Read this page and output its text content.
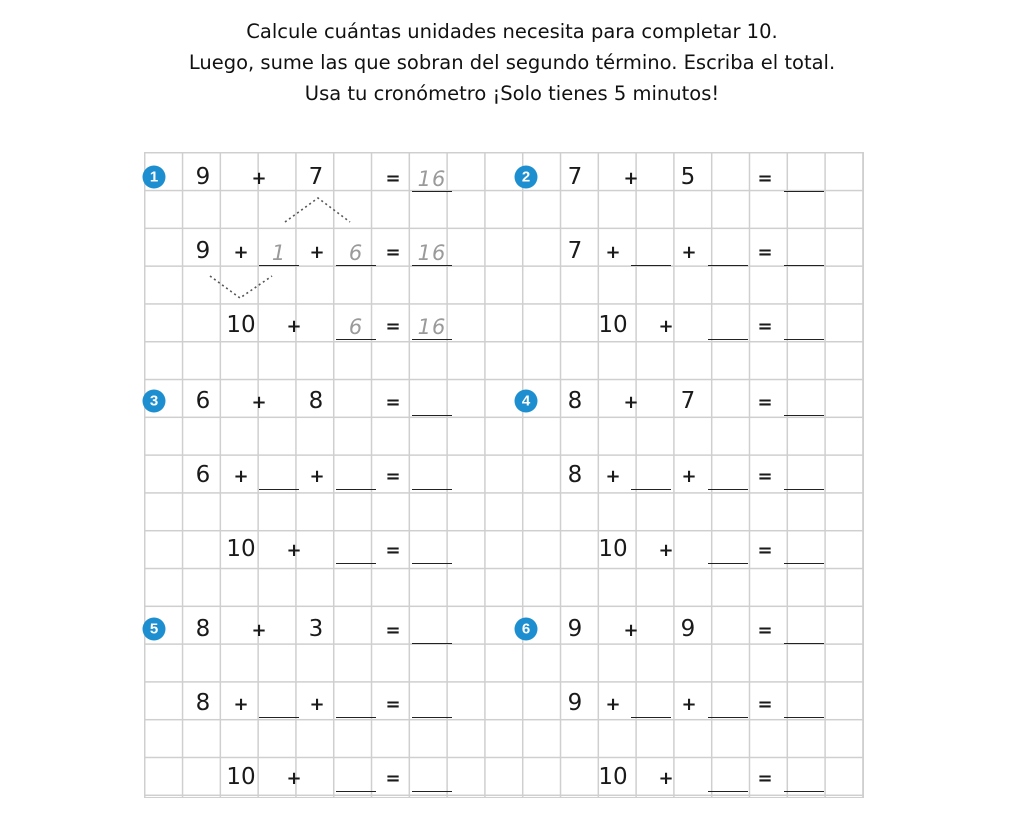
Calcule cuántas unidades necesita para completar 10.
Luego, sume las que sobran del segundo término. Escriba el total.
Usa tu cronómetro ¡Solo tienes 5 minutos!
1	9 + 7	= 16
9 +	1	+	6	= 16
10 +	6	= 16
2	7 + 5	=
7 +	+	=
10 +	=
3	6 + 8	=
6 +	+	=
10 +	=
4	8 + 7	=
8 +	+	=
10 +	=
5	8 + 3	=
8 +	+	=
10 +	=
6	9 + 9	=
9 +	+	=
10 +	=
